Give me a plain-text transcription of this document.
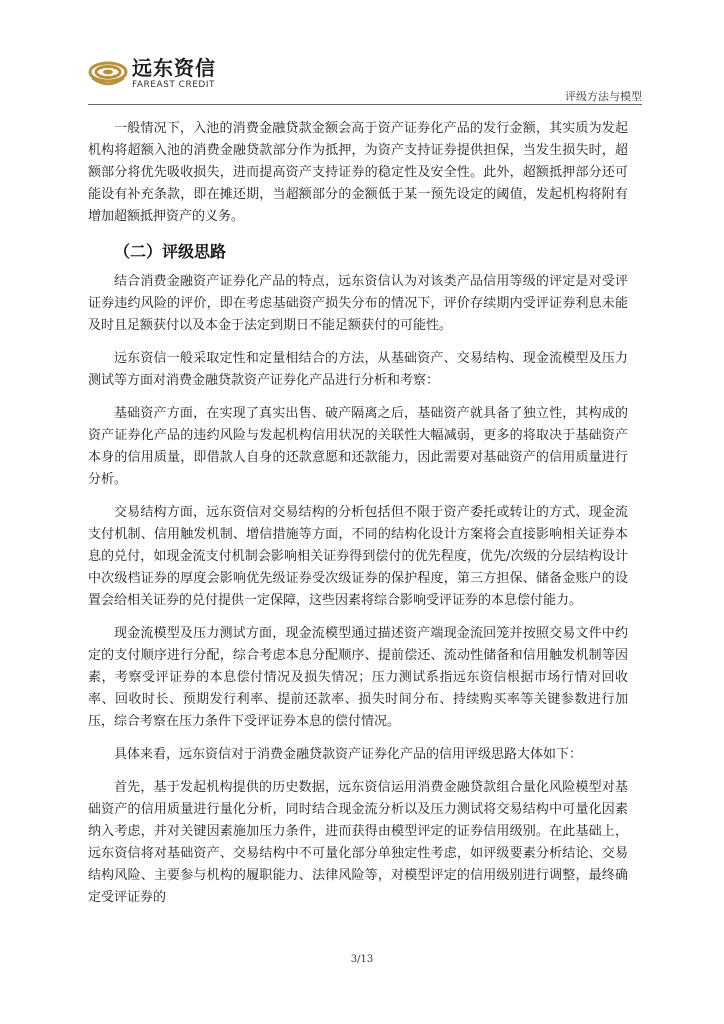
远东资信
FAREAST CREDIT
评级方法与模型

一般情况下，入池的消费金融贷款金额会高于资产证券化产品的发行金额，其实质为发起机构将超额入池的消费金融贷款部分作为抵押，为资产支持证券提供担保，当发生损失时，超额部分将优先吸收损失，进而提高资产支持证券的稳定性及安全性。此外，超额抵押部分还可能设有补充条款，即在摊还期，当超额部分的金额低于某一预先设定的阈值，发起机构将附有增加超额抵押资产的义务。

（二）评级思路

结合消费金融资产证券化产品的特点，远东资信认为对该类产品信用等级的评定是对受评证券违约风险的评价，即在考虑基础资产损失分布的情况下，评价存续期内受评证券利息未能及时且足额获付以及本金于法定到期日不能足额获付的可能性。

远东资信一般采取定性和定量相结合的方法，从基础资产、交易结构、现金流模型及压力测试等方面对消费金融贷款资产证券化产品进行分析和考察：

基础资产方面，在实现了真实出售、破产隔离之后，基础资产就具备了独立性，其构成的资产证券化产品的违约风险与发起机构信用状况的关联性大幅减弱，更多的将取决于基础资产本身的信用质量，即借款人自身的还款意愿和还款能力，因此需要对基础资产的信用质量进行分析。

交易结构方面，远东资信对交易结构的分析包括但不限于资产委托或转让的方式、现金流支付机制、信用触发机制、增信措施等方面，不同的结构化设计方案将会直接影响相关证券本息的兑付，如现金流支付机制会影响相关证券得到偿付的优先程度，优先/次级的分层结构设计中次级档证券的厚度会影响优先级证券受次级证券的保护程度，第三方担保、储备金账户的设置会给相关证券的兑付提供一定保障，这些因素将综合影响受评证券的本息偿付能力。

现金流模型及压力测试方面，现金流模型通过描述资产端现金流回笼并按照交易文件中约定的支付顺序进行分配，综合考虑本息分配顺序、提前偿还、流动性储备和信用触发机制等因素，考察受评证券的本息偿付情况及损失情况；压力测试系指远东资信根据市场行情对回收率、回收时长、预期发行利率、提前还款率、损失时间分布、持续购买率等关键参数进行加压，综合考察在压力条件下受评证券本息的偿付情况。

具体来看，远东资信对于消费金融贷款资产证券化产品的信用评级思路大体如下：

首先，基于发起机构提供的历史数据，远东资信运用消费金融贷款组合量化风险模型对基础资产的信用质量进行量化分析，同时结合现金流分析以及压力测试将交易结构中可量化因素纳入考虑，并对关键因素施加压力条件，进而获得由模型评定的证券信用级别。在此基础上，远东资信将对基础资产、交易结构中不可量化部分单独定性考虑，如评级要素分析结论、交易结构风险、主要参与机构的履职能力、法律风险等，对模型评定的信用级别进行调整，最终确定受评证券的

3/13
